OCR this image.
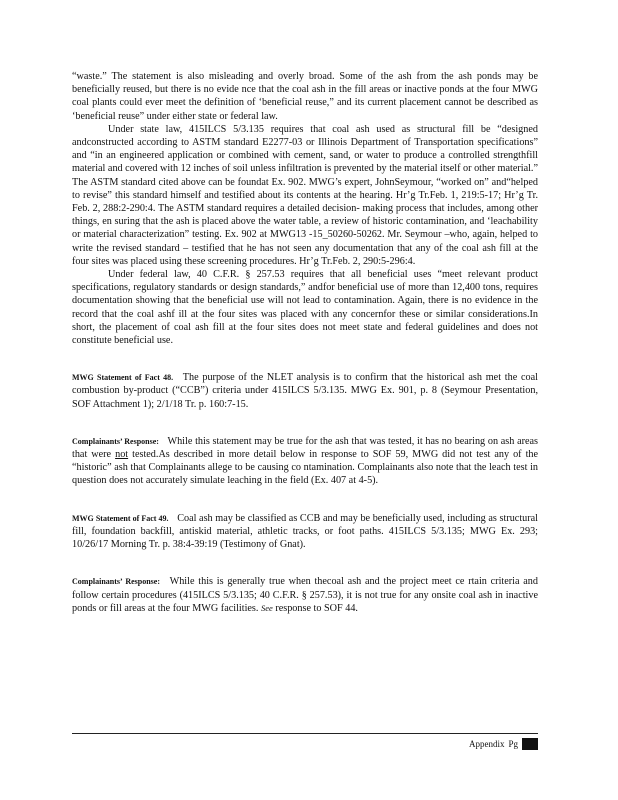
“waste.” The statement is also misleading and overly broad. Some of the ash from the ash ponds may be beneficially reused, but there is no evide nce that the coal ash in the fill areas or inactive ponds at the four MWG coal plants could ever meet the definition of ‘beneficial reuse,” and its current placement cannot be described as ‘beneficial reuse” under either state or federal law.

Under state law, 415ILCS 5/3.135 requires that coal ash used as structural fill be “designed andconstructed according to ASTM standard E2277-03 or Illinois Department of Transportation specifications” and “in an engineered application or combined with cement, sand, or water to produce a controlled strengthfill material and covered with 12 inches of soil unless infiltration is prevented by the material itself or other material.” The ASTM standard cited above can be foundat Ex. 902. MWG’s expert, JohnSeymour, “worked on” and“helped to revise” this standard himself and testified about its contents at the hearing. Hr’g Tr.Feb. 1, 219:5-17; Hr’g Tr. Feb. 2, 288:2-290:4. The ASTM standard requires a detailed decision- making process that includes, among other things, en suring that the ash is placed above the water table, a review of historic contamination, and ‘leachability or material characterization” testing. Ex. 902 at MWG13 -15_50260-50262. Mr. Seymour –who, again, helped to write the revised standard – testified that he has not seen any documentation that any of the coal ash fill at the four sites was placed using these screening procedures. Hr’g Tr.Feb. 2, 290:5-296:4.

Under federal law, 40 C.F.R. § 257.53 requires that all beneficial uses “meet relevant product specifications, regulatory standards or design standards,” andfor beneficial use of more than 12,400 tons, requires documentation showing that the beneficial use will not lead to contamination. Again, there is no evidence in the record that the coal ashf ill at the four sites was placed with any concernfor these or similar considerations.In short, the placement of coal ash fill at the four sites does not meet state and federal guidelines and does not constitute beneficial use.

MWG Statement of Fact 48. The purpose of the NLET analysis is to confirm that the historical ash met the coal combustion by-product (“CCB”) criteria under 415ILCS 5/3.135. MWG Ex. 901, p. 8 (Seymour Presentation, SOF Attachment 1); 2/1/18 Tr. p. 160:7-15.

Complainants’ Response: While this statement may be true for the ash that was tested, it has no bearing on ash areas that were not tested.As described in more detail below in response to SOF 59, MWG did not test any of the “historic” ash that Complainants allege to be causing co ntamination. Complainants also note that the leach test in question does not accurately simulate leaching in the field (Ex. 407 at 4-5).

MWG Statement of Fact 49. Coal ash may be classified as CCB and may be beneficially used, including as structural fill, foundation backfill, antiskid material, athletic tracks, or foot paths. 415ILCS 5/3.135; MWG Ex. 293; 10/26/17 Morning Tr. p. 38:4-39:19 (Testimony of Gnat).

Complainants’ Response: While this is generally true when thecoal ash and the project meet ce rtain criteria and follow certain procedures (415ILCS 5/3.135; 40 C.F.R. § 257.53), it is not true for any onsite coal ash in inactive ponds or fill areas at the four MWG facilities. See response to SOF 44.

Appendix Pg
